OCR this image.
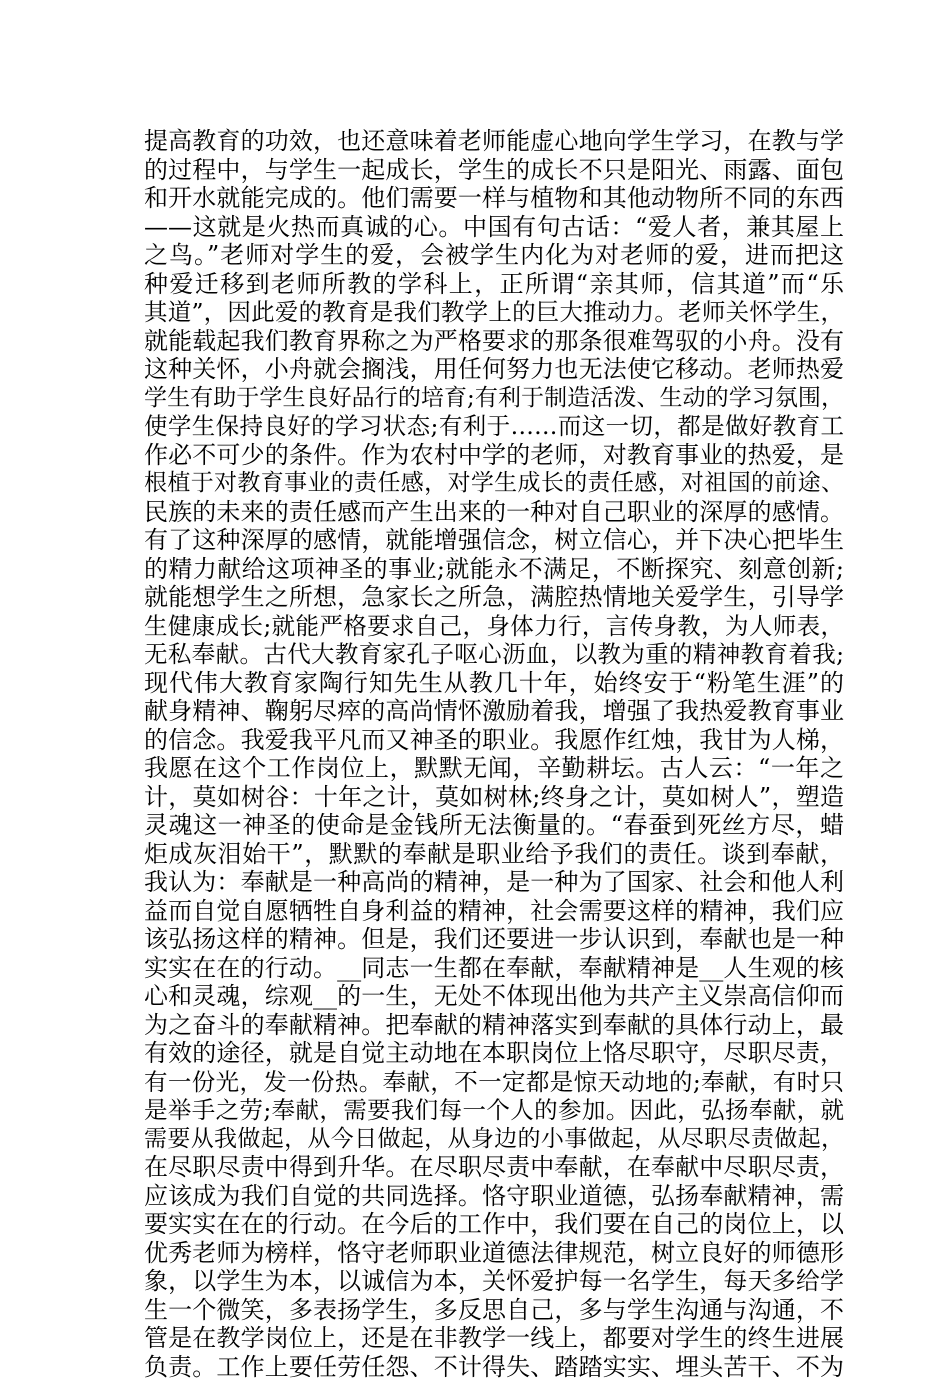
提高教育的功效，也还意味着老师能虚心地向学生学习，在教与学
的过程中，与学生一起成长，学生的成长不只是阳光、雨露、面包
和开水就能完成的。他们需要一样与植物和其他动物所不同的东西
——这就是火热而真诚的心。中国有句古话：“爱人者，兼其屋上
之鸟。”老师对学生的爱，会被学生内化为对老师的爱，进而把这
种爱迁移到老师所教的学科上，正所谓“亲其师，信其道”而“乐
其道”，因此爱的教育是我们教学上的巨大推动力。老师关怀学生，
就能载起我们教育界称之为严格要求的那条很难驾驭的小舟。没有
这种关怀，小舟就会搁浅，用任何努力也无法使它移动。老师热爱
学生有助于学生良好品行的培育;有利于制造活泼、生动的学习氛围，
使学生保持良好的学习状态;有利于……而这一切，都是做好教育工
作必不可少的条件。作为农村中学的老师，对教育事业的热爱，是
根植于对教育事业的责任感，对学生成长的责任感，对祖国的前途、
民族的未来的责任感而产生出来的一种对自己职业的深厚的感情。
有了这种深厚的感情，就能增强信念，树立信心，并下决心把毕生
的精力献给这项神圣的事业;就能永不满足，不断探究、刻意创新;
就能想学生之所想，急家长之所急，满腔热情地关爱学生，引导学
生健康成长;就能严格要求自己，身体力行，言传身教，为人师表，
无私奉献。古代大教育家孔子呕心沥血，以教为重的精神教育着我;
现代伟大教育家陶行知先生从教几十年，始终安于“粉笔生涯”的
献身精神、鞠躬尽瘁的高尚情怀激励着我，增强了我热爱教育事业
的信念。我爱我平凡而又神圣的职业。我愿作红烛，我甘为人梯，
我愿在这个工作岗位上，默默无闻，辛勤耕坛。古人云：“一年之
计，莫如树谷：十年之计，莫如树林;终身之计，莫如树人”，塑造
灵魂这一神圣的使命是金钱所无法衡量的。“春蚕到死丝方尽，蜡
炬成灰泪始干”，默默的奉献是职业给予我们的责任。谈到奉献，
我认为：奉献是一种高尚的精神，是一种为了国家、社会和他人利
益而自觉自愿牺牲自身利益的精神，社会需要这样的精神，我们应
该弘扬这样的精神。但是，我们还要进一步认识到，奉献也是一种
实实在在的行动。__同志一生都在奉献，奉献精神是__人生观的核
心和灵魂，综观__的一生，无处不体现出他为共产主义崇高信仰而
为之奋斗的奉献精神。把奉献的精神落实到奉献的具体行动上，最
有效的途径，就是自觉主动地在本职岗位上恪尽职守，尽职尽责，
有一份光，发一份热。奉献，不一定都是惊天动地的;奉献，有时只
是举手之劳;奉献，需要我们每一个人的参加。因此，弘扬奉献，就
需要从我做起，从今日做起，从身边的小事做起，从尽职尽责做起，
在尽职尽责中得到升华。在尽职尽责中奉献，在奉献中尽职尽责，
应该成为我们自觉的共同选择。恪守职业道德，弘扬奉献精神，需
要实实在在的行动。在今后的工作中，我们要在自己的岗位上，以
优秀老师为榜样，恪守老师职业道德法律规范，树立良好的师德形
象，以学生为本，以诚信为本，关怀爱护每一名学生，每天多给学
生一个微笑，多表扬学生，多反思自己，多与学生沟通与沟通，不
管是在教学岗位上，还是在非教学一线上，都要对学生的终生进展
负责。工作上要任劳任怨、不计得失、踏踏实实、埋头苦干、不为
